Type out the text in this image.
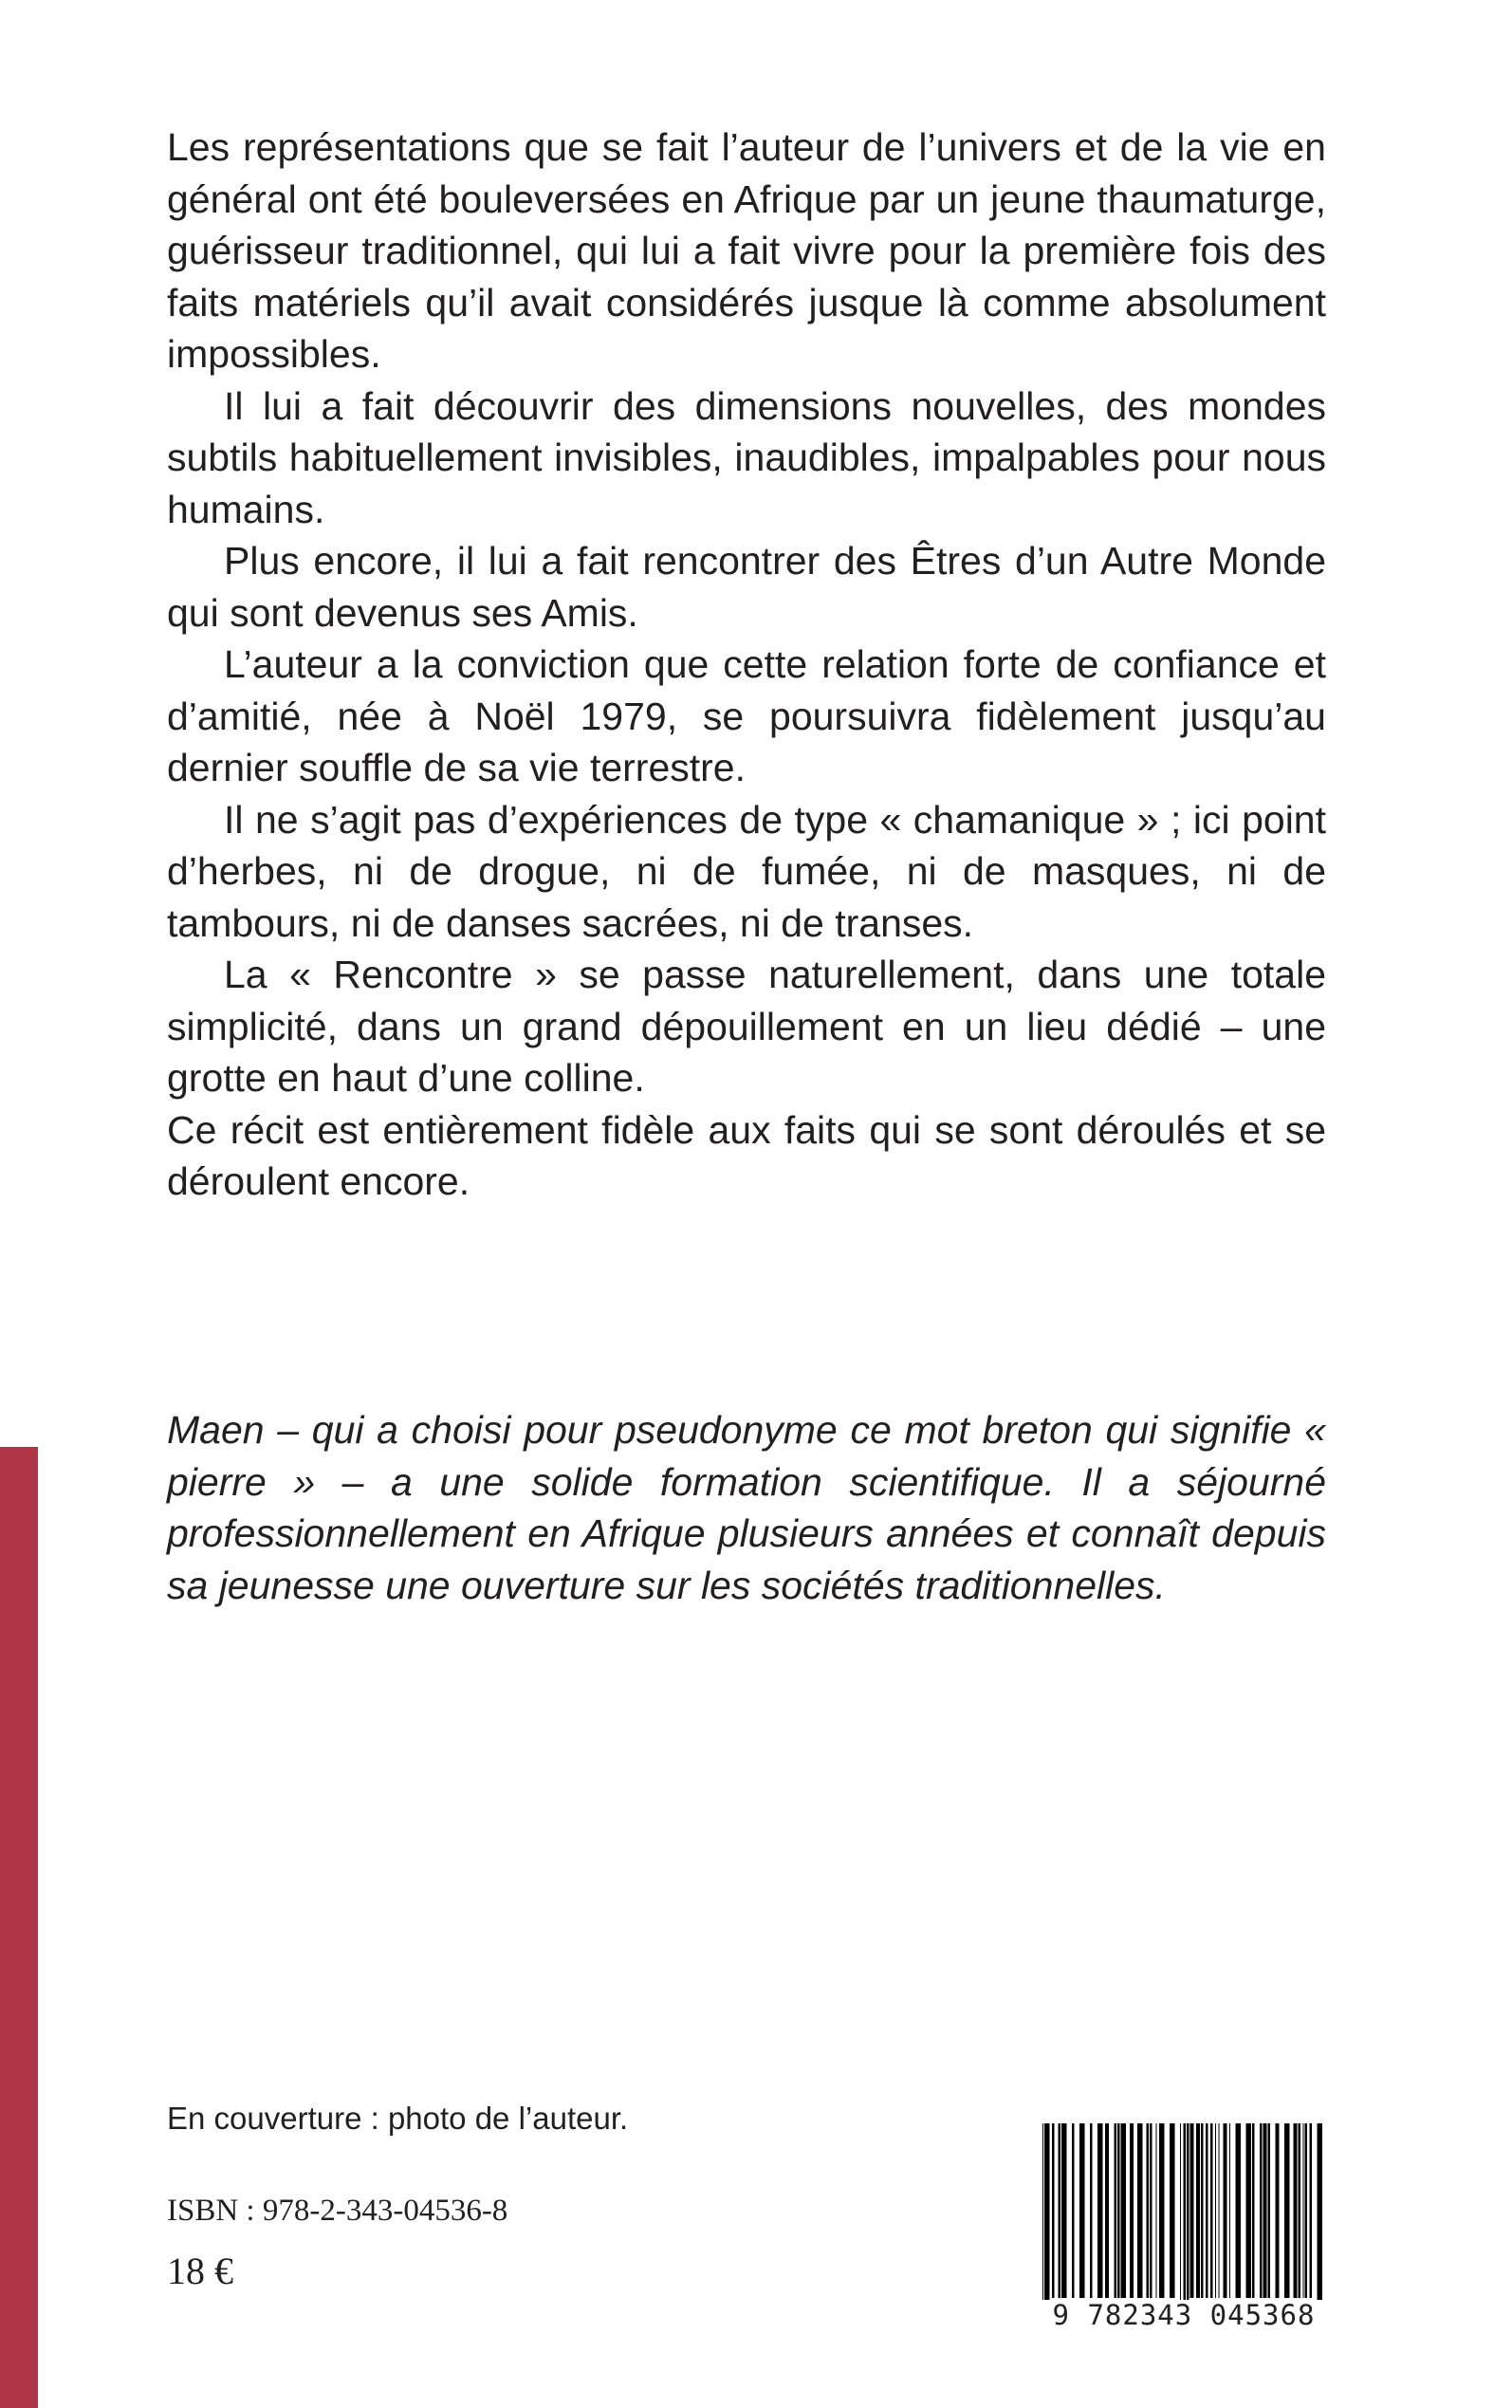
Les représentations que se fait l’auteur de l’univers et de la vie en général ont été bouleversées en Afrique par un jeune thaumaturge, guérisseur traditionnel, qui lui a fait vivre pour la première fois des faits matériels qu’il avait considérés jusque là comme absolument impossibles.

Il lui a fait découvrir des dimensions nouvelles, des mondes subtils habituellement invisibles, inaudibles, impalpables pour nous humains.

Plus encore, il lui a fait rencontrer des Êtres d’un Autre Monde qui sont devenus ses Amis.

L’auteur a la conviction que cette relation forte de confiance et d’amitié, née à Noël 1979, se poursuivra fidèlement jusqu’au dernier souffle de sa vie terrestre.

Il ne s’agit pas d’expériences de type « chamanique » ; ici point d’herbes, ni de drogue, ni de fumée, ni de masques, ni de tambours, ni de danses sacrées, ni de transes.

La « Rencontre » se passe naturellement, dans une totale simplicité, dans un grand dépouillement en un lieu dédié – une grotte en haut d’une colline.

Ce récit est entièrement fidèle aux faits qui se sont déroulés et se déroulent encore.

Maen – qui a choisi pour pseudonyme ce mot breton qui signifie « pierre » – a une solide formation scientifique. Il a séjourné professionnellement en Afrique plusieurs années et connaît depuis sa jeunesse une ouverture sur les sociétés traditionnelles.

En couverture : photo de l’auteur.

ISBN : 978-2-343-04536-8

18 €

9 782343 045368
